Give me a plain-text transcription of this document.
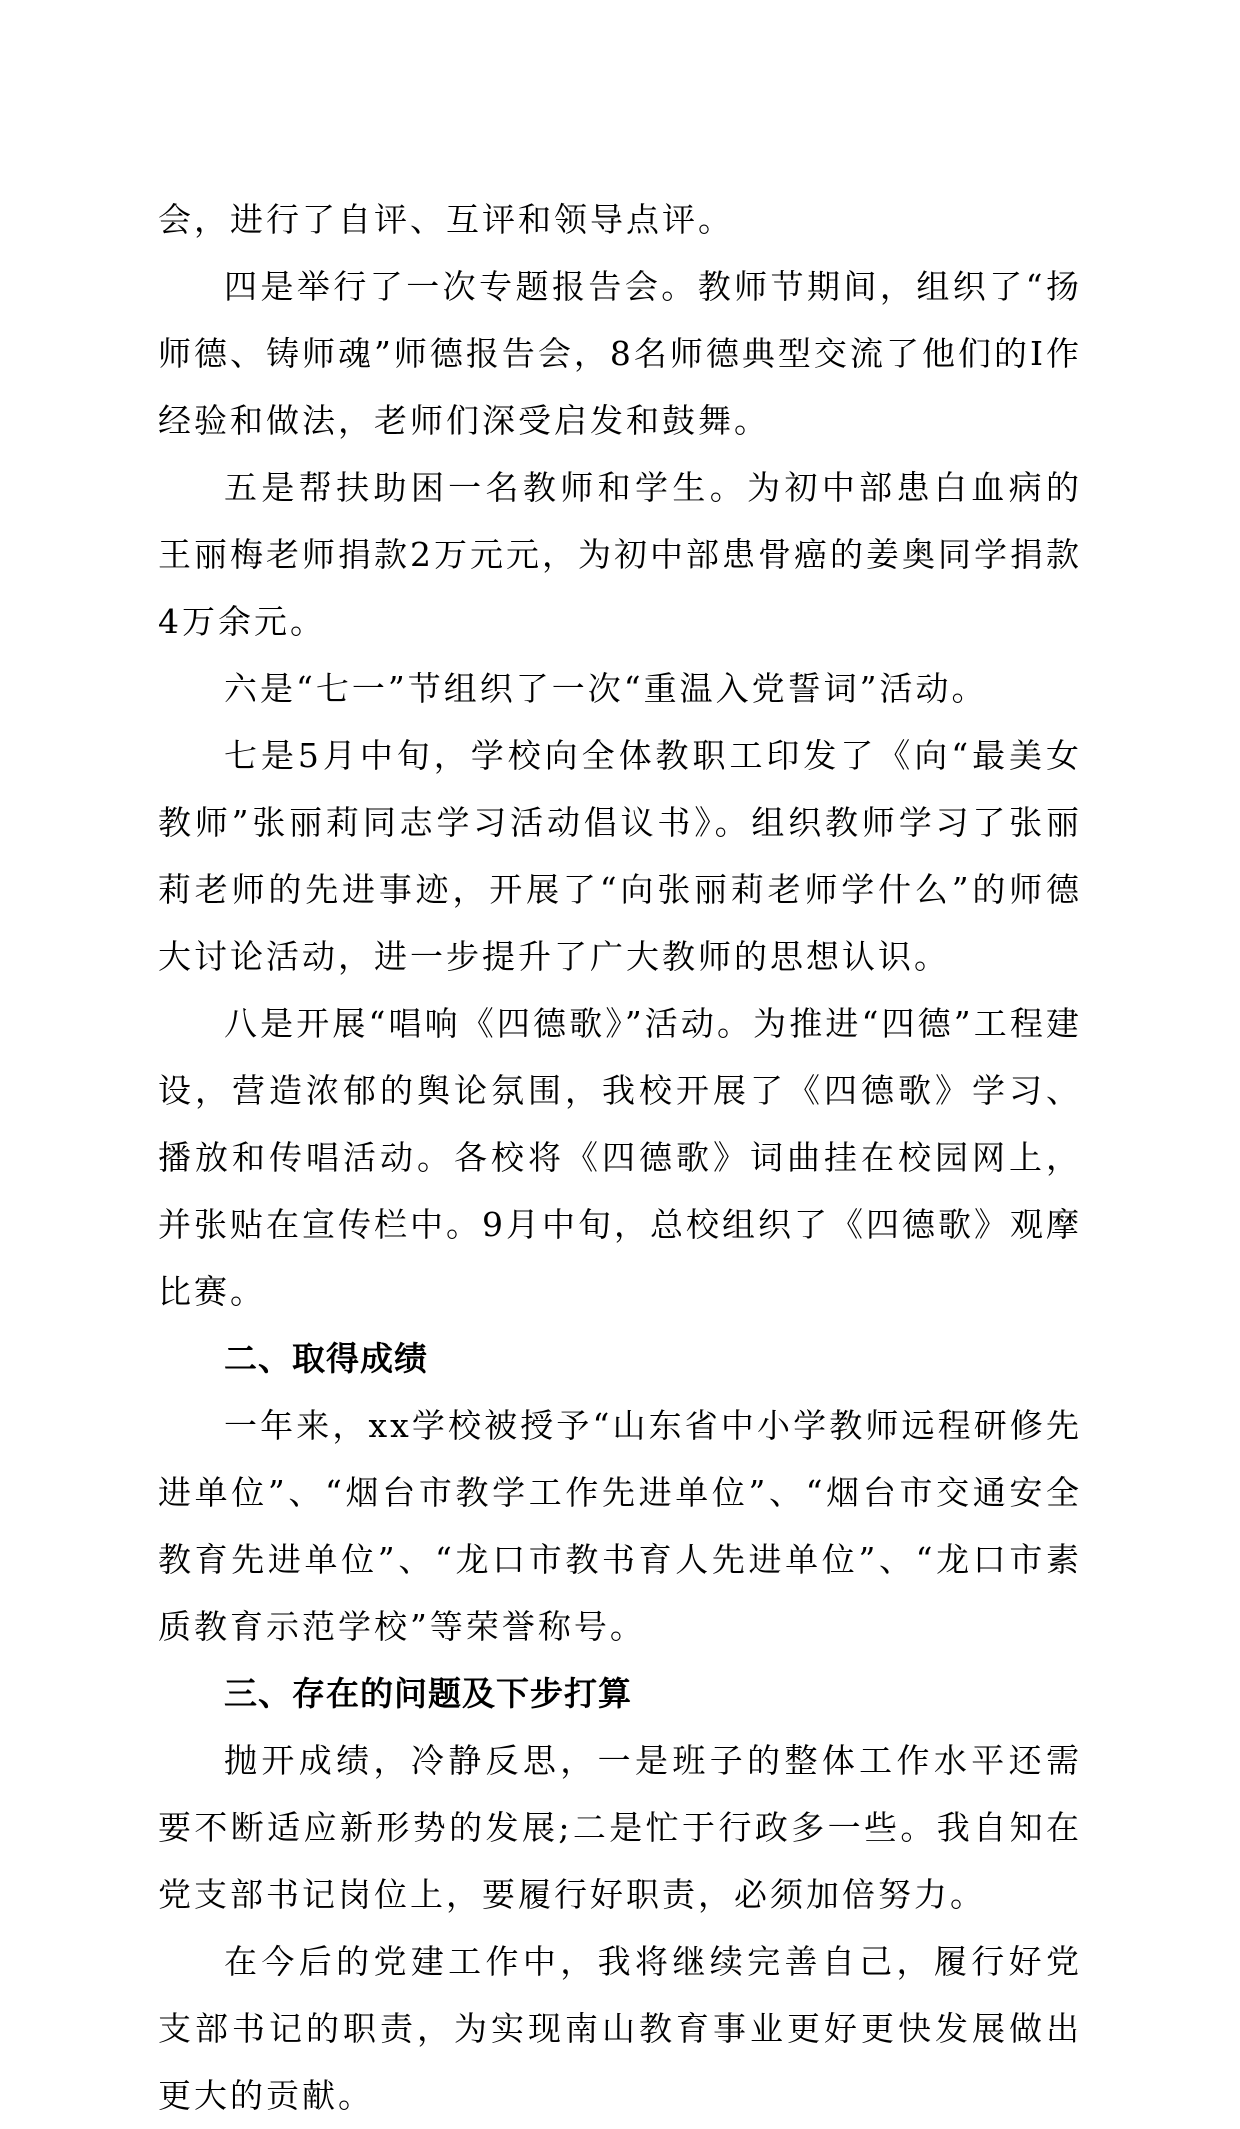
会，进行了自评、互评和领导点评。

四是举行了一次专题报告会。教师节期间，组织了“扬师德、铸师魂”师德报告会，8名师德典型交流了他们的I作经验和做法，老师们深受启发和鼓舞。

五是帮扶助困一名教师和学生。为初中部患白血病的王丽梅老师捐款2万元元，为初中部患骨癌的姜奥同学捐款4万余元。

六是“七一”节组织了一次“重温入党誓词”活动。

七是5月中旬，学校向全体教职工印发了《向“最美女教师”张丽莉同志学习活动倡议书》。组织教师学习了张丽莉老师的先进事迹，开展了“向张丽莉老师学什么”的师德大讨论活动，进一步提升了广大教师的思想认识。

八是开展“唱响《四德歌》”活动。为推进“四德”工程建设，营造浓郁的舆论氛围，我校开展了《四德歌》学习、播放和传唱活动。各校将《四德歌》词曲挂在校园网上，并张贴在宣传栏中。9月中旬，总校组织了《四德歌》观摩比赛。

二、取得成绩

一年来，xx学校被授予“山东省中小学教师远程研修先进单位”、“烟台市教学工作先进单位”、“烟台市交通安全教育先进单位”、“龙口市教书育人先进单位”、“龙口市素质教育示范学校”等荣誉称号。

三、存在的问题及下步打算

抛开成绩，冷静反思，一是班子的整体工作水平还需要不断适应新形势的发展;二是忙于行政多一些。我自知在党支部书记岗位上，要履行好职责，必须加倍努力。

在今后的党建工作中，我将继续完善自己，履行好党支部书记的职责，为实现南山教育事业更好更快发展做出更大的贡献。
